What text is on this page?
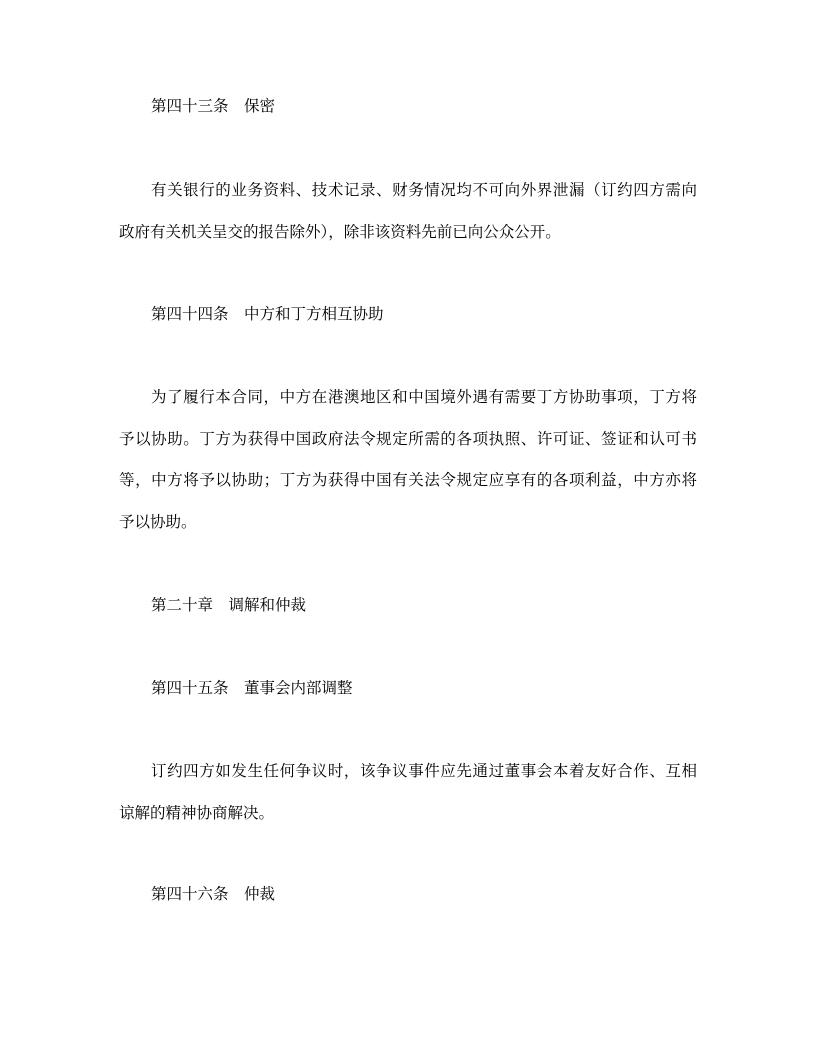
第四十三条　保密

有关银行的业务资料、技术记录、财务情况均不可向外界泄漏（订约四方需向

政府有关机关呈交的报告除外），除非该资料先前已向公众公开。

第四十四条　中方和丁方相互协助

为了履行本合同，中方在港澳地区和中国境外遇有需要丁方协助事项，丁方将

予以协助。丁方为获得中国政府法令规定所需的各项执照、许可证、签证和认可书

等，中方将予以协助；丁方为获得中国有关法令规定应享有的各项利益，中方亦将

予以协助。

第二十章　调解和仲裁

第四十五条　董事会内部调整

订约四方如发生任何争议时，该争议事件应先通过董事会本着友好合作、互相

谅解的精神协商解决。

第四十六条　仲裁
